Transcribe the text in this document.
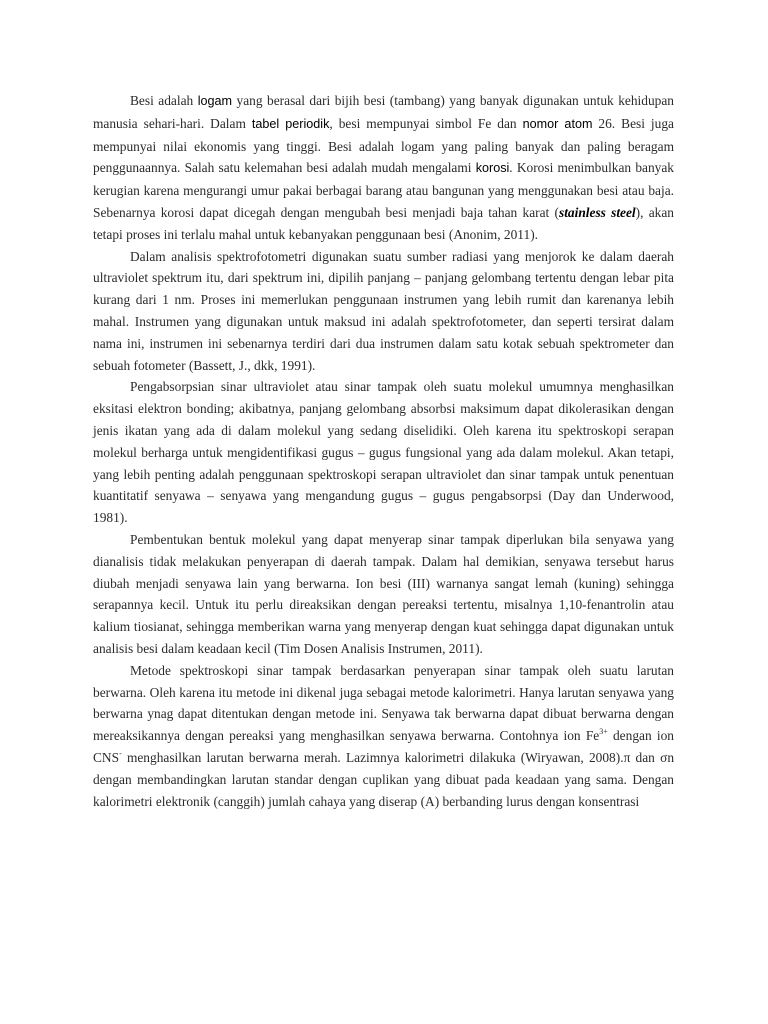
Besi adalah logam yang berasal dari bijih besi (tambang) yang banyak digunakan untuk kehidupan manusia sehari-hari. Dalam tabel periodik, besi mempunyai simbol Fe dan nomor atom 26. Besi juga mempunyai nilai ekonomis yang tinggi. Besi adalah logam yang paling banyak dan paling beragam penggunaannya. Salah satu kelemahan besi adalah mudah mengalami korosi. Korosi menimbulkan banyak kerugian karena mengurangi umur pakai berbagai barang atau bangunan yang menggunakan besi atau baja. Sebenarnya korosi dapat dicegah dengan mengubah besi menjadi baja tahan karat (stainless steel), akan tetapi proses ini terlalu mahal untuk kebanyakan penggunaan besi (Anonim, 2011).

Dalam analisis spektrofotometri digunakan suatu sumber radiasi yang menjorok ke dalam daerah ultraviolet spektrum itu, dari spektrum ini, dipilih panjang – panjang gelombang tertentu dengan lebar pita kurang dari 1 nm. Proses ini memerlukan penggunaan instrumen yang lebih rumit dan karenanya lebih mahal. Instrumen yang digunakan untuk maksud ini adalah spektrofotometer, dan seperti tersirat dalam nama ini, instrumen ini sebenarnya terdiri dari dua instrumen dalam satu kotak sebuah spektrometer dan sebuah fotometer (Bassett, J., dkk, 1991).

Pengabsorpsian sinar ultraviolet atau sinar tampak oleh suatu molekul umumnya menghasilkan eksitasi elektron bonding; akibatnya, panjang gelombang absorbsi maksimum dapat dikolerasikan dengan jenis ikatan yang ada di dalam molekul yang sedang diselidiki. Oleh karena itu spektroskopi serapan molekul berharga untuk mengidentifikasi gugus – gugus fungsional yang ada dalam molekul. Akan tetapi, yang lebih penting adalah penggunaan spektroskopi serapan ultraviolet dan sinar tampak untuk penentuan kuantitatif senyawa – senyawa yang mengandung gugus – gugus pengabsorpsi (Day dan Underwood, 1981).

Pembentukan bentuk molekul yang dapat menyerap sinar tampak diperlukan bila senyawa yang dianalisis tidak melakukan penyerapan di daerah tampak. Dalam hal demikian, senyawa tersebut harus diubah menjadi senyawa lain yang berwarna. Ion besi (III) warnanya sangat lemah (kuning) sehingga serapannya kecil. Untuk itu perlu direaksikan dengan pereaksi tertentu, misalnya 1,10-fenantrolin atau kalium tiosianat, sehingga memberikan warna yang menyerap dengan kuat sehingga dapat digunakan untuk analisis besi dalam keadaan kecil (Tim Dosen Analisis Instrumen, 2011).

Metode spektroskopi sinar tampak berdasarkan penyerapan sinar tampak oleh suatu larutan berwarna. Oleh karena itu metode ini dikenal juga sebagai metode kalorimetri. Hanya larutan senyawa yang berwarna ynag dapat ditentukan dengan metode ini. Senyawa tak berwarna dapat dibuat berwarna dengan mereaksikannya dengan pereaksi yang menghasilkan senyawa berwarna. Contohnya ion $Fe^{3+}$ dengan ion CNS- menghasilkan larutan berwarna merah. Lazimnya kalorimetri dilakuka (Wiryawan, 2008).π dan σn dengan membandingkan larutan standar dengan cuplikan yang dibuat pada keadaan yang sama. Dengan kalorimetri elektronik (canggih) jumlah cahaya yang diserap (A) berbanding lurus dengan konsentrasi
